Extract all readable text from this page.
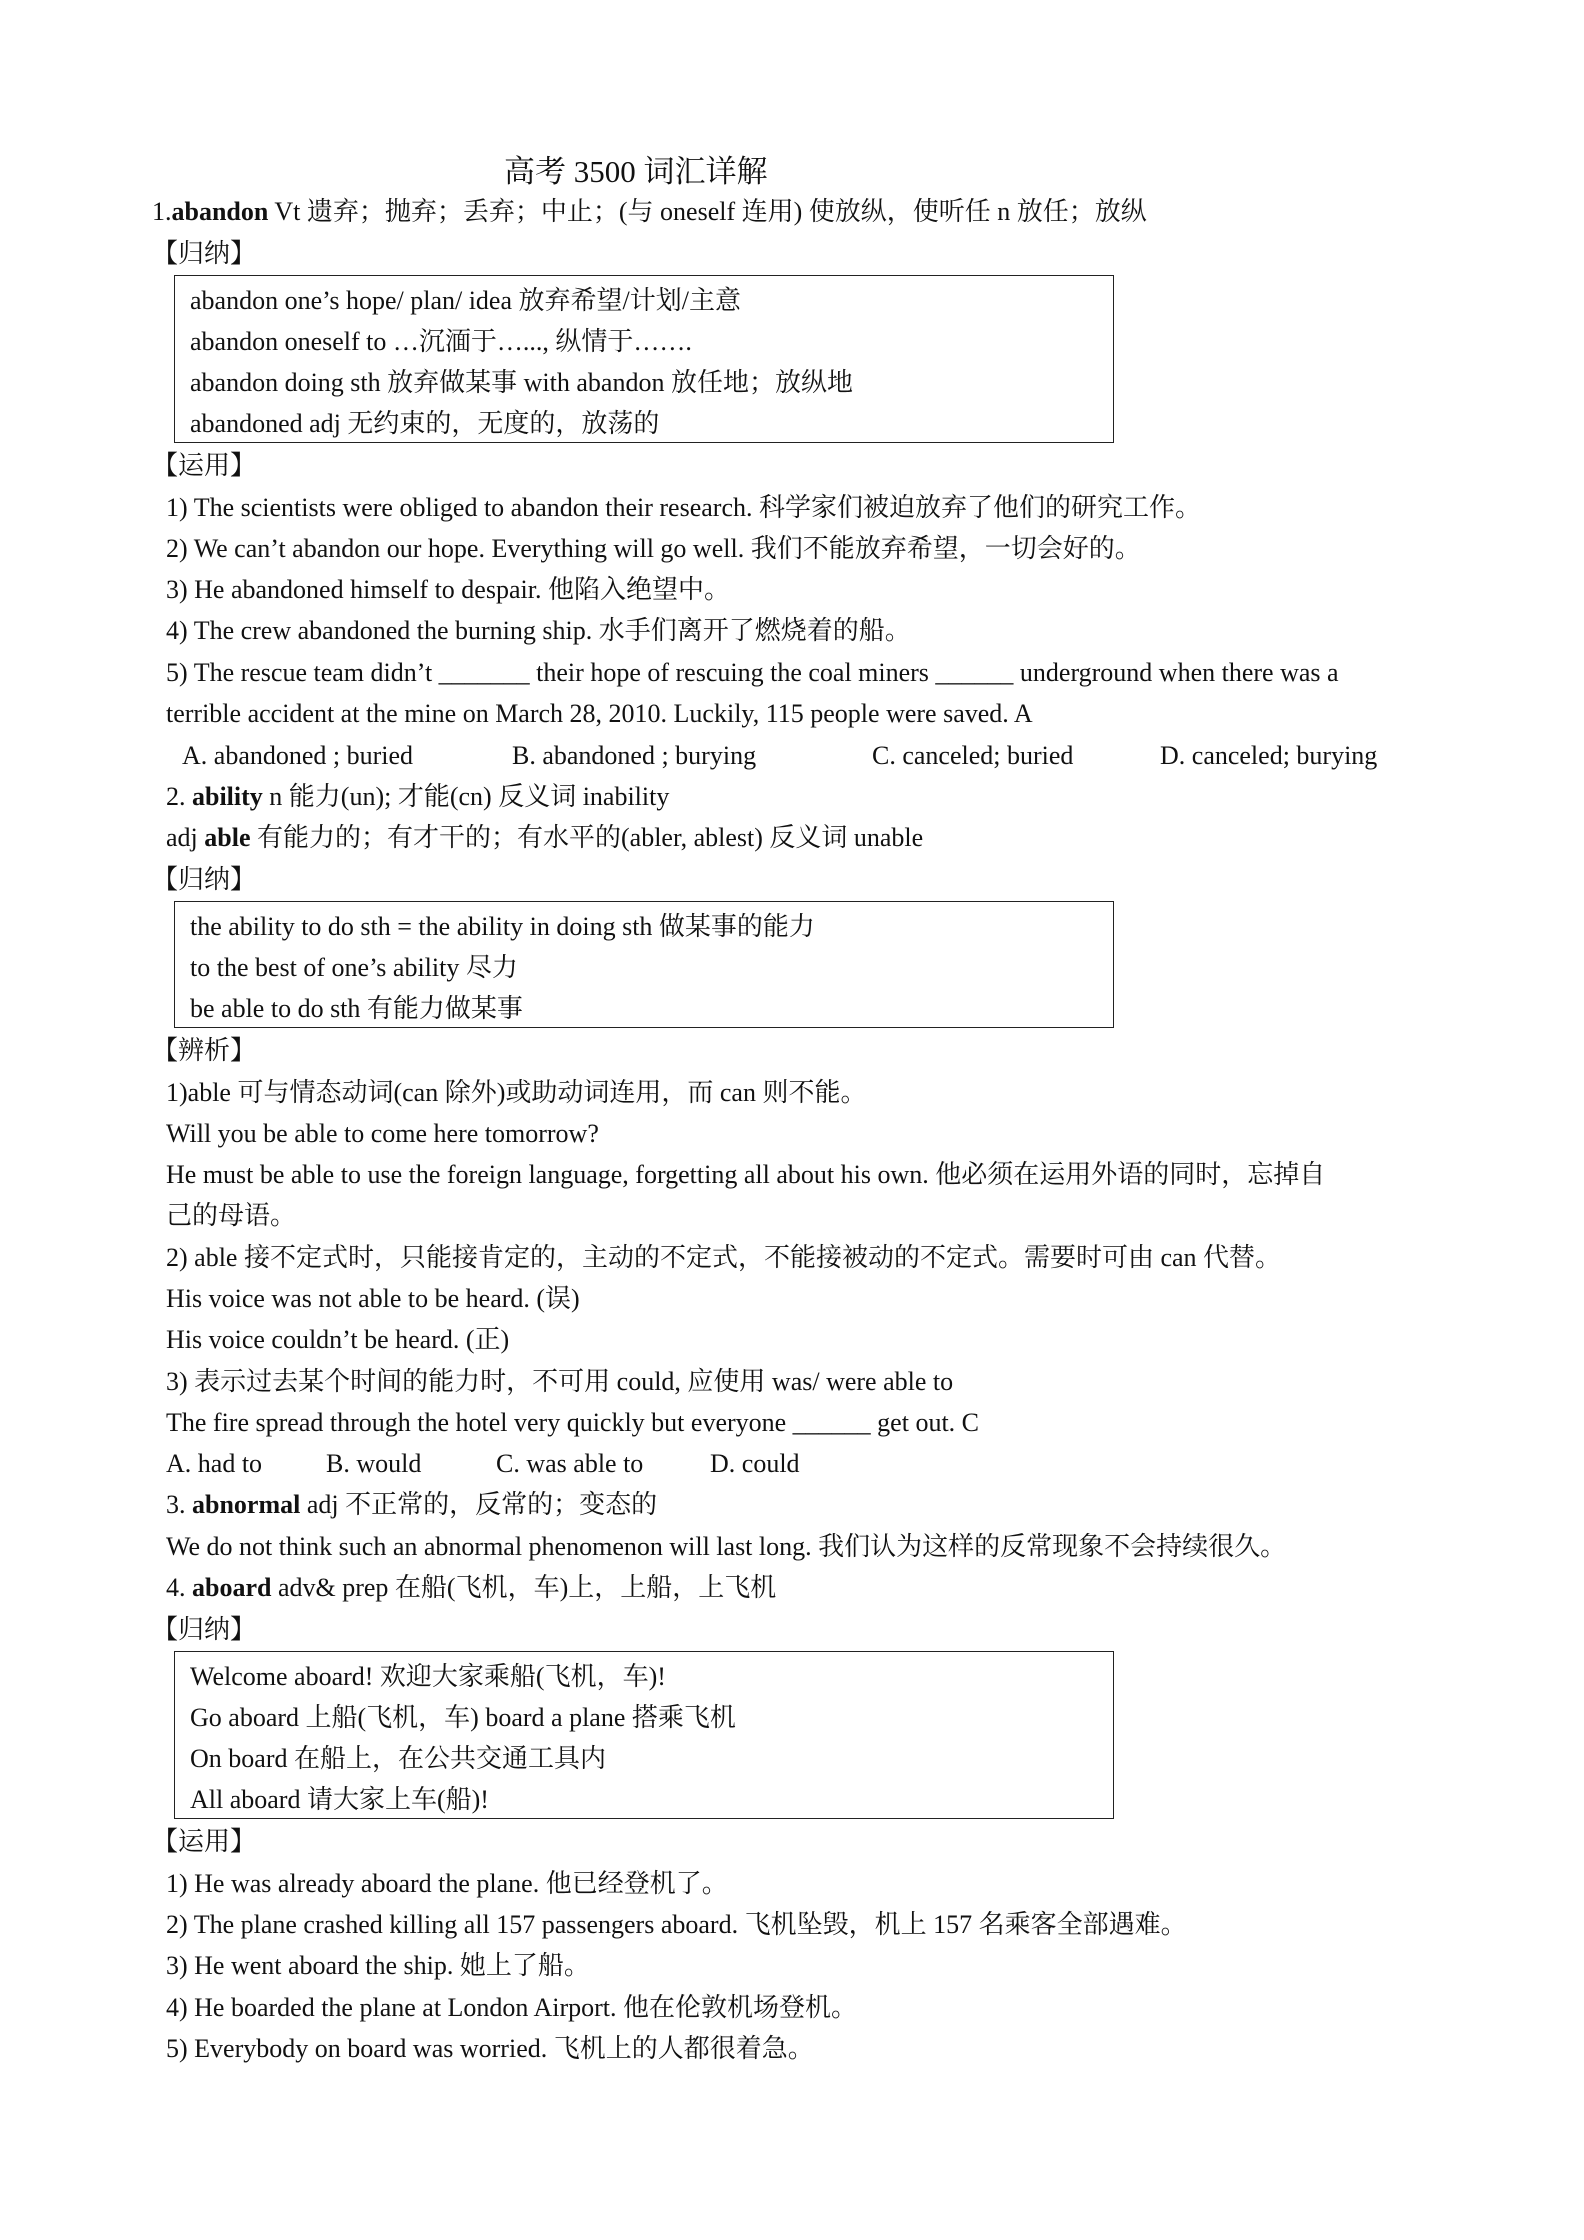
高考 3500 词汇详解
1.abandon Vt 遗弃；抛弃；丢弃；中止；(与 oneself 连用) 使放纵，使听任 n 放任；放纵
【归纳】
abandon one’s hope/ plan/ idea 放弃希望/计划/主意
abandon oneself to …沉湎于…..., 纵情于…….
abandon doing sth 放弃做某事 with abandon 放任地；放纵地
abandoned adj 无约束的，无度的，放荡的
【运用】
1) The scientists were obliged to abandon their research. 科学家们被迫放弃了他们的研究工作。
2) We can’t abandon our hope. Everything will go well. 我们不能放弃希望，一切会好的。
3) He abandoned himself to despair. 他陷入绝望中。
4) The crew abandoned the burning ship. 水手们离开了燃烧着的船。
5) The rescue team didn’t _______ their hope of rescuing the coal miners ______ underground when there was a
terrible accident at the mine on March 28, 2010. Luckily, 115 people were saved. A
A. abandoned ; buried	B. abandoned ; burying	C. canceled; buried	D. canceled; burying
2. ability n 能力(un); 才能(cn) 反义词 inability
adj able 有能力的；有才干的；有水平的(abler, ablest) 反义词 unable
【归纳】
the ability to do sth = the ability in doing sth 做某事的能力
to the best of one’s ability 尽力
be able to do sth 有能力做某事
【辨析】
1)able 可与情态动词(can 除外)或助动词连用，而 can 则不能。
Will you be able to come here tomorrow?
He must be able to use the foreign language, forgetting all about his own. 他必须在运用外语的同时，忘掉自
己的母语。
2) able 接不定式时，只能接肯定的，主动的不定式，不能接被动的不定式。需要时可由 can 代替。
His voice was not able to be heard. (误)
His voice couldn’t be heard. (正)
3) 表示过去某个时间的能力时，不可用 could, 应使用 was/ were able to
The fire spread through the hotel very quickly but everyone ______ get out. C
A. had to B. would	C. was able to	D. could
3. abnormal adj 不正常的，反常的；变态的
We do not think such an abnormal phenomenon will last long. 我们认为这样的反常现象不会持续很久。
4. aboard adv& prep 在船(飞机，车)上，上船，上飞机
【归纳】
Welcome aboard! 欢迎大家乘船(飞机，车)!
Go aboard 上船(飞机，车) board a plane 搭乘飞机
On board 在船上，在公共交通工具内
All aboard 请大家上车(船)!
【运用】
1) He was already aboard the plane. 他已经登机了。
2) The plane crashed killing all 157 passengers aboard. 飞机坠毁，机上 157 名乘客全部遇难。
3) He went aboard the ship. 她上了船。
4) He boarded the plane at London Airport. 他在伦敦机场登机。
5) Everybody on board was worried. 飞机上的人都很着急。
